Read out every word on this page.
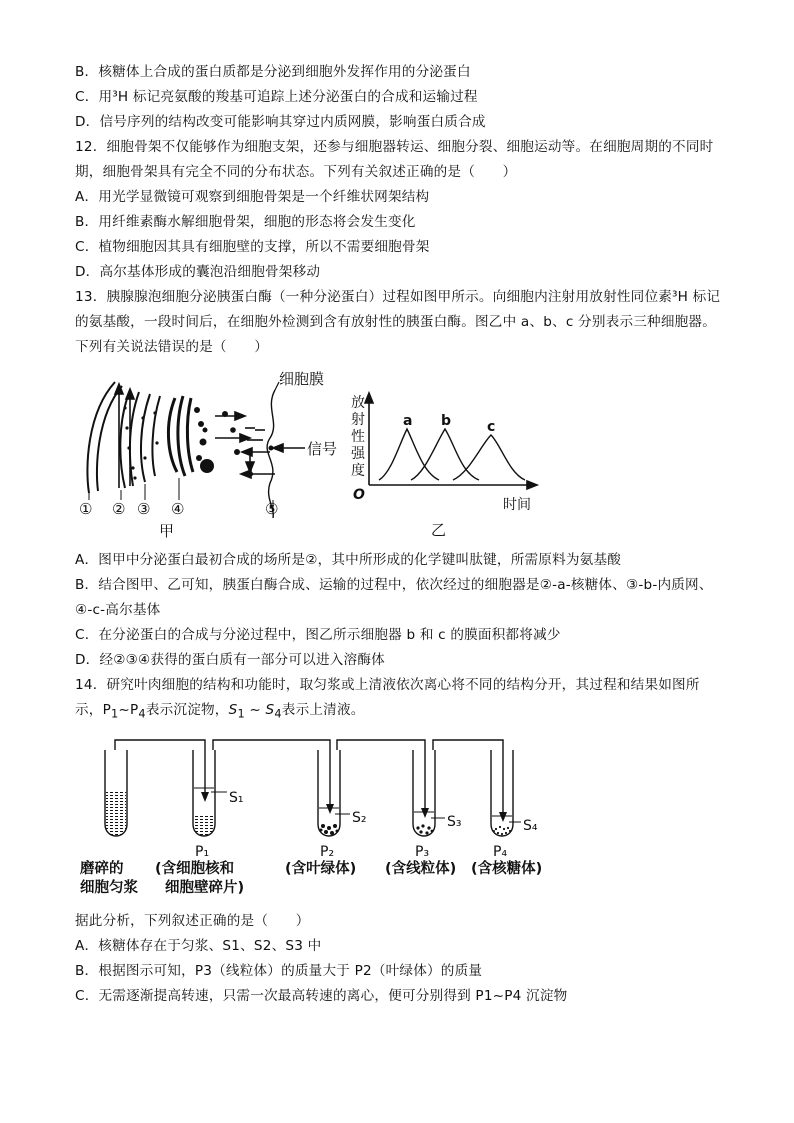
B．核糖体上合成的蛋白质都是分泌到细胞外发挥作用的分泌蛋白
C．用³H 标记亮氨酸的羧基可追踪上述分泌蛋白的合成和运输过程
D．信号序列的结构改变可能影响其穿过内质网膜，影响蛋白质合成
12．细胞骨架不仅能够作为细胞支架，还参与细胞器转运、细胞分裂、细胞运动等。在细胞周期的不同时
期，细胞骨架具有完全不同的分布状态。下列有关叙述正确的是（　　）
A．用光学显微镜可观察到细胞骨架是一个纤维状网架结构
B．用纤维素酶水解细胞骨架，细胞的形态将会发生变化
C．植物细胞因其具有细胞壁的支撑，所以不需要细胞骨架
D．高尔基体形成的囊泡沿细胞骨架移动
13．胰腺腺泡细胞分泌胰蛋白酶（一种分泌蛋白）过程如图甲所示。向细胞内注射用放射性同位素³H 标记
的氨基酸，一段时间后，在细胞外检测到含有放射性的胰蛋白酶。图乙中 a、b、c 分别表示三种细胞器。
下列有关说法错误的是（　　）
细胞膜
信号
① ② ③ ④	⑤
甲
放
射
性
强
度
O
时间
a b	c
乙
A．图甲中分泌蛋白最初合成的场所是②，其中所形成的化学键叫肽键，所需原料为氨基酸
B．结合图甲、乙可知，胰蛋白酶合成、运输的过程中，依次经过的细胞器是②-a-核糖体、③-b-内质网、
④-c-高尔基体
C．在分泌蛋白的合成与分泌过程中，图乙所示细胞器 b 和 c 的膜面积都将减少
D．经②③④获得的蛋白质有一部分可以进入溶酶体
14．研究叶肉细胞的结构和功能时，取匀浆或上清液依次离心将不同的结构分开，其过程和结果如图所
示，$P_1\sim P_4$表示沉淀物，$S_1$ ~ $S_4$表示上清液。
S₁
S₂	S₃	S₄
P₁	P₂	P₃	P₄
磨碎的
细胞匀浆
(含细胞核和
细胞壁碎片)
(含叶绿体) (含线粒体) (含核糖体)
据此分析，下列叙述正确的是（　　）
A．核糖体存在于匀浆、S1、S2、S3 中
B．根据图示可知，P3（线粒体）的质量大于 P2（叶绿体）的质量
C．无需逐渐提高转速，只需一次最高转速的离心，便可分别得到 P1~P4 沉淀物
